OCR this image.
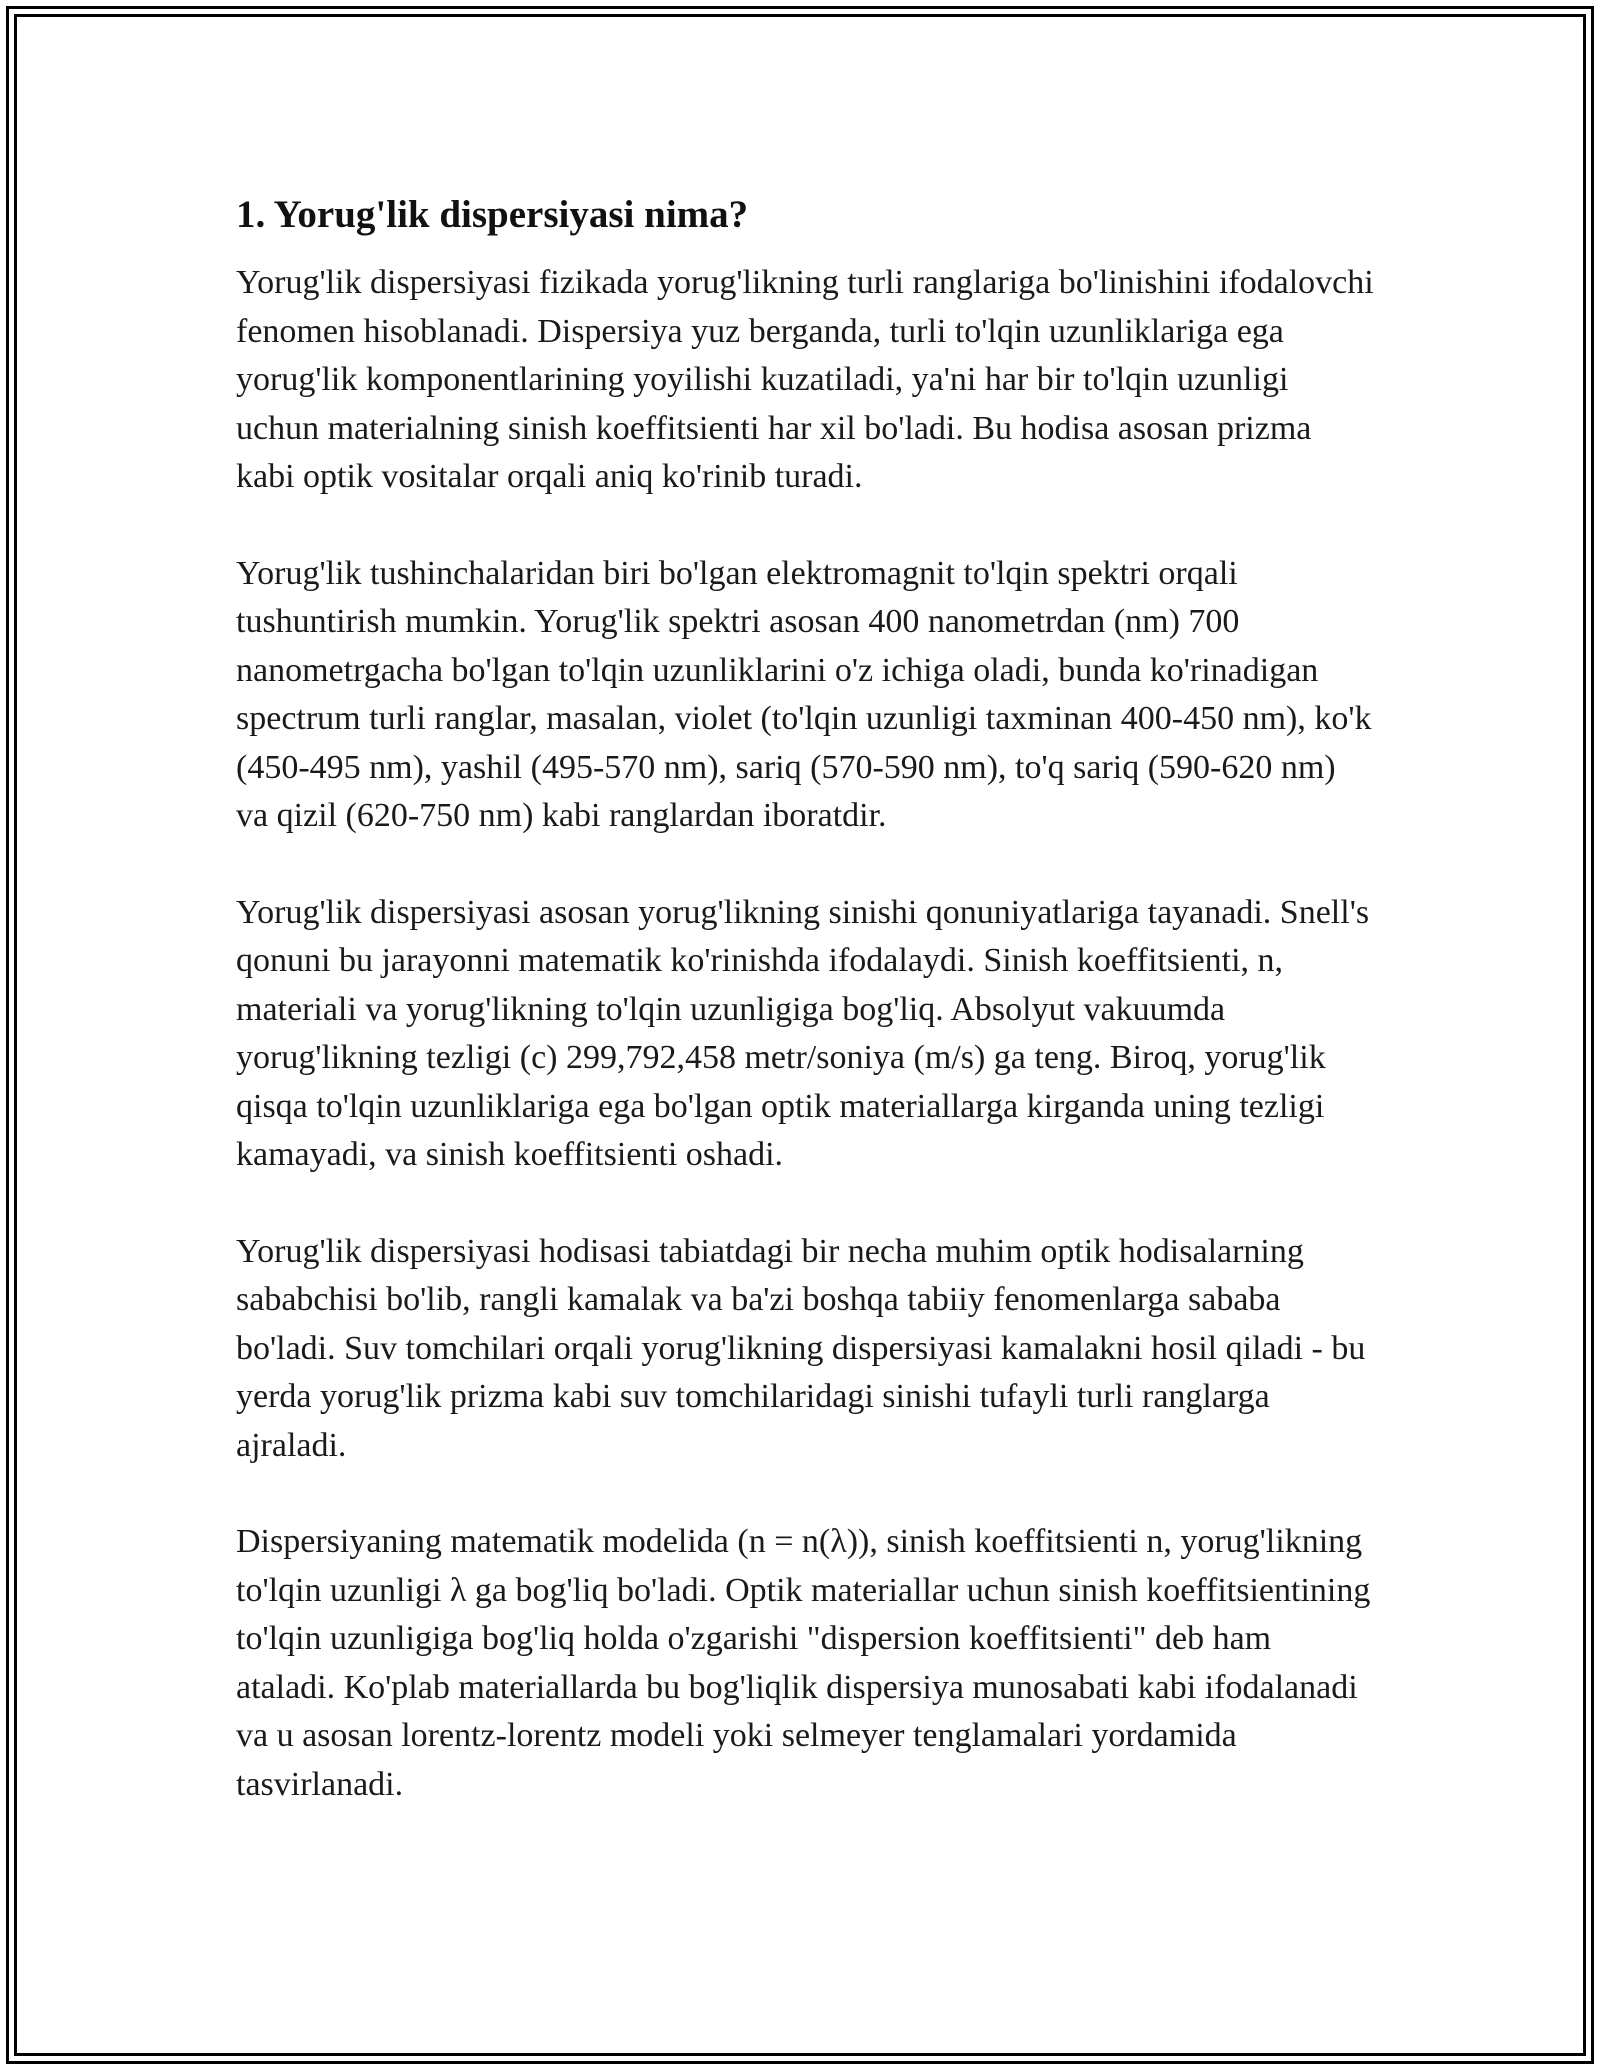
1. Yorug'lik dispersiyasi nima?

Yorug'lik dispersiyasi fizikada yorug'likning turli ranglariga bo'linishini ifodalovchi fenomen hisoblanadi. Dispersiya yuz berganda, turli to'lqin uzunliklariga ega yorug'lik komponentlarining yoyilishi kuzatiladi, ya'ni har bir to'lqin uzunligi uchun materialning sinish koeffitsienti har xil bo'ladi. Bu hodisa asosan prizma kabi optik vositalar orqali aniq ko'rinib turadi.

Yorug'lik tushinchalaridan biri bo'lgan elektromagnit to'lqin spektri orqali tushuntirish mumkin. Yorug'lik spektri asosan 400 nanometrdan (nm) 700 nanometrgacha bo'lgan to'lqin uzunliklarini o'z ichiga oladi, bunda ko'rinadigan spectrum turli ranglar, masalan, violet (to'lqin uzunligi taxminan 400-450 nm), ko'k (450-495 nm), yashil (495-570 nm), sariq (570-590 nm), to'q sariq (590-620 nm) va qizil (620-750 nm) kabi ranglardan iboratdir.

Yorug'lik dispersiyasi asosan yorug'likning sinishi qonuniyatlariga tayanadi. Snell's qonuni bu jarayonni matematik ko'rinishda ifodalaydi. Sinish koeffitsienti, n, materiali va yorug'likning to'lqin uzunligiga bog'liq. Absolyut vakuumda yorug'likning tezligi (c) 299,792,458 metr/soniya (m/s) ga teng. Biroq, yorug'lik qisqa to'lqin uzunliklariga ega bo'lgan optik materiallarga kirganda uning tezligi kamayadi, va sinish koeffitsienti oshadi.

Yorug'lik dispersiyasi hodisasi tabiatdagi bir necha muhim optik hodisalarning sababchisi bo'lib, rangli kamalak va ba'zi boshqa tabiiy fenomenlarga sababa bo'ladi. Suv tomchilari orqali yorug'likning dispersiyasi kamalakni hosil qiladi - bu yerda yorug'lik prizma kabi suv tomchilaridagi sinishi tufayli turli ranglarga ajraladi.

Dispersiyaning matematik modelida (n = n(λ)), sinish koeffitsienti n, yorug'likning to'lqin uzunligi λ ga bog'liq bo'ladi. Optik materiallar uchun sinish koeffitsientining to'lqin uzunligiga bog'liq holda o'zgarishi "dispersion koeffitsienti" deb ham ataladi. Ko'plab materiallarda bu bog'liqlik dispersiya munosabati kabi ifodalanadi va u asosan lorentz-lorentz modeli yoki selmeyer tenglamalari yordamida tasvirlanadi.
